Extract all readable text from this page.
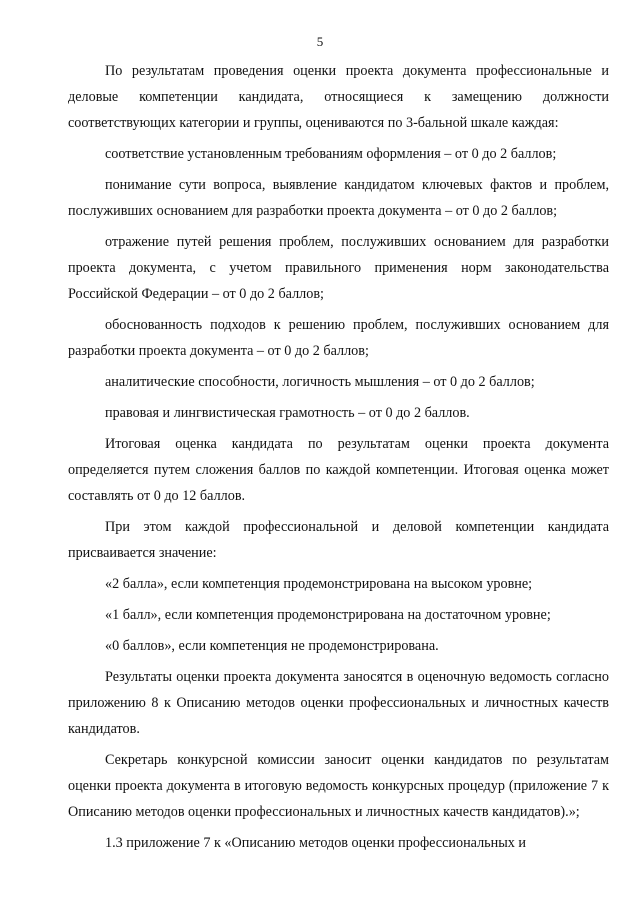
5

По результатам проведения оценки проекта документа профессиональные и деловые компетенции кандидата, относящиеся к замещению должности соответствующих категории и группы, оцениваются по 3-бальной шкале каждая:

соответствие установленным требованиям оформления – от 0 до 2 баллов;

понимание сути вопроса, выявление кандидатом ключевых фактов и проблем, послуживших основанием для разработки проекта документа – от 0 до 2 баллов;

отражение путей решения проблем, послуживших основанием для разработки проекта документа, с учетом правильного применения норм законодательства Российской Федерации – от 0 до 2 баллов;

обоснованность подходов к решению проблем, послуживших основанием для разработки проекта документа – от 0 до 2 баллов;

аналитические способности, логичность мышления – от 0 до 2 баллов;

правовая и лингвистическая грамотность – от 0 до 2 баллов.

Итоговая оценка кандидата по результатам оценки проекта документа определяется путем сложения баллов по каждой компетенции. Итоговая оценка может составлять от 0 до 12 баллов.

При этом каждой профессиональной и деловой компетенции кандидата присваивается значение:

«2 балла», если компетенция продемонстрирована на высоком уровне;

«1 балл», если компетенция продемонстрирована на достаточном уровне;

«0 баллов», если компетенция не продемонстрирована.

Результаты оценки проекта документа заносятся в оценочную ведомость согласно приложению 8 к Описанию методов оценки профессиональных и личностных качеств кандидатов.

Секретарь конкурсной комиссии заносит оценки кандидатов по результатам оценки проекта документа в итоговую ведомость конкурсных процедур (приложение 7 к Описанию методов оценки профессиональных и личностных качеств кандидатов).»;

1.3 приложение 7 к «Описанию методов оценки профессиональных и
